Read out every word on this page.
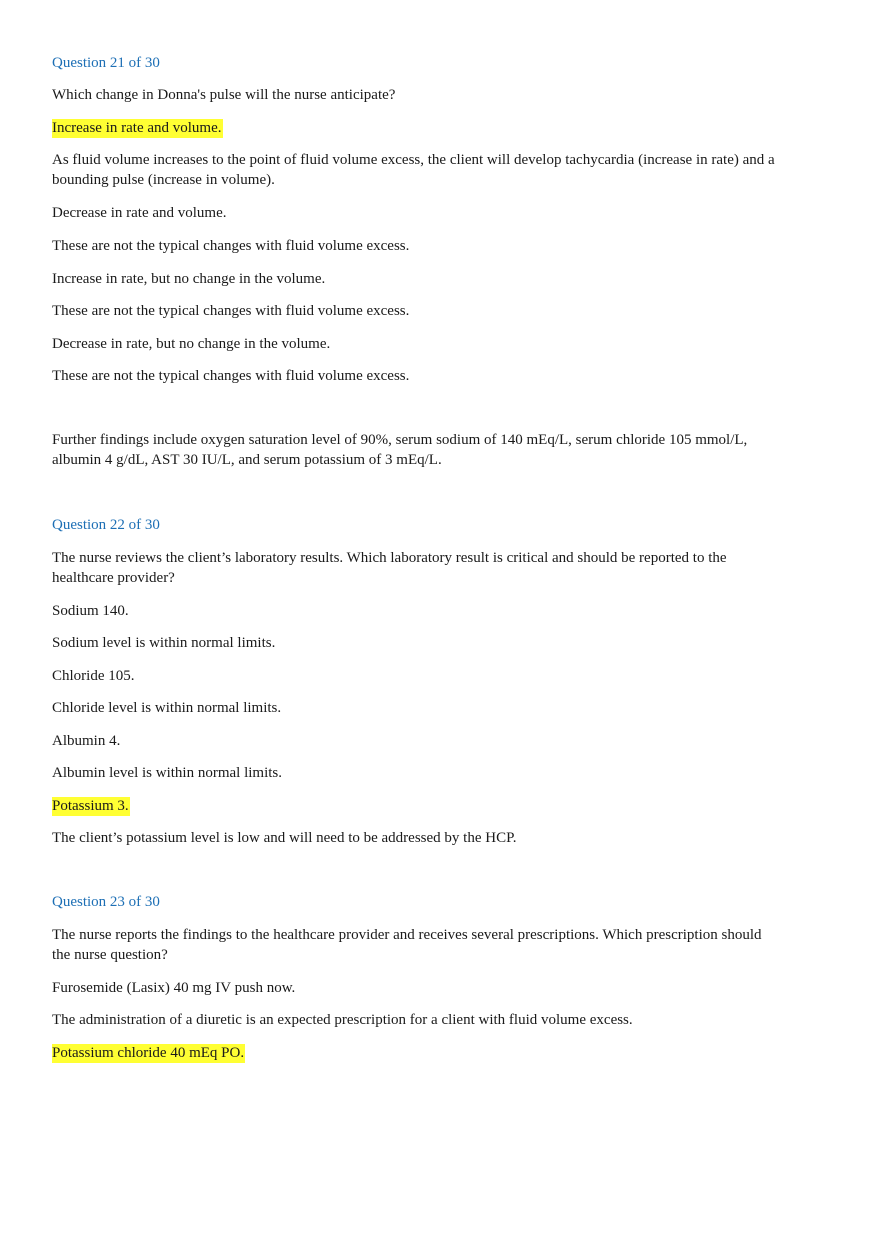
Question 21 of 30
Which change in Donna's pulse will the nurse anticipate?
Increase in rate and volume.
As fluid volume increases to the point of fluid volume excess, the client will develop tachycardia (increase in rate) and a bounding pulse (increase in volume).
Decrease in rate and volume.
These are not the typical changes with fluid volume excess.
Increase in rate, but no change in the volume.
These are not the typical changes with fluid volume excess.
Decrease in rate, but no change in the volume.
These are not the typical changes with fluid volume excess.
Further findings include oxygen saturation level of 90%, serum sodium of 140 mEq/L, serum chloride 105 mmol/L, albumin 4 g/dL, AST 30 IU/L, and serum potassium of 3 mEq/L.
Question 22 of 30
The nurse reviews the client’s laboratory results. Which laboratory result is critical and should be reported to the healthcare provider?
Sodium 140.
Sodium level is within normal limits.
Chloride 105.
Chloride level is within normal limits.
Albumin 4.
Albumin level is within normal limits.
Potassium 3.
The client’s potassium level is low and will need to be addressed by the HCP.
Question 23 of 30
The nurse reports the findings to the healthcare provider and receives several prescriptions. Which prescription should the nurse question?
Furosemide (Lasix) 40 mg IV push now.
The administration of a diuretic is an expected prescription for a client with fluid volume excess.
Potassium chloride 40 mEq PO.
